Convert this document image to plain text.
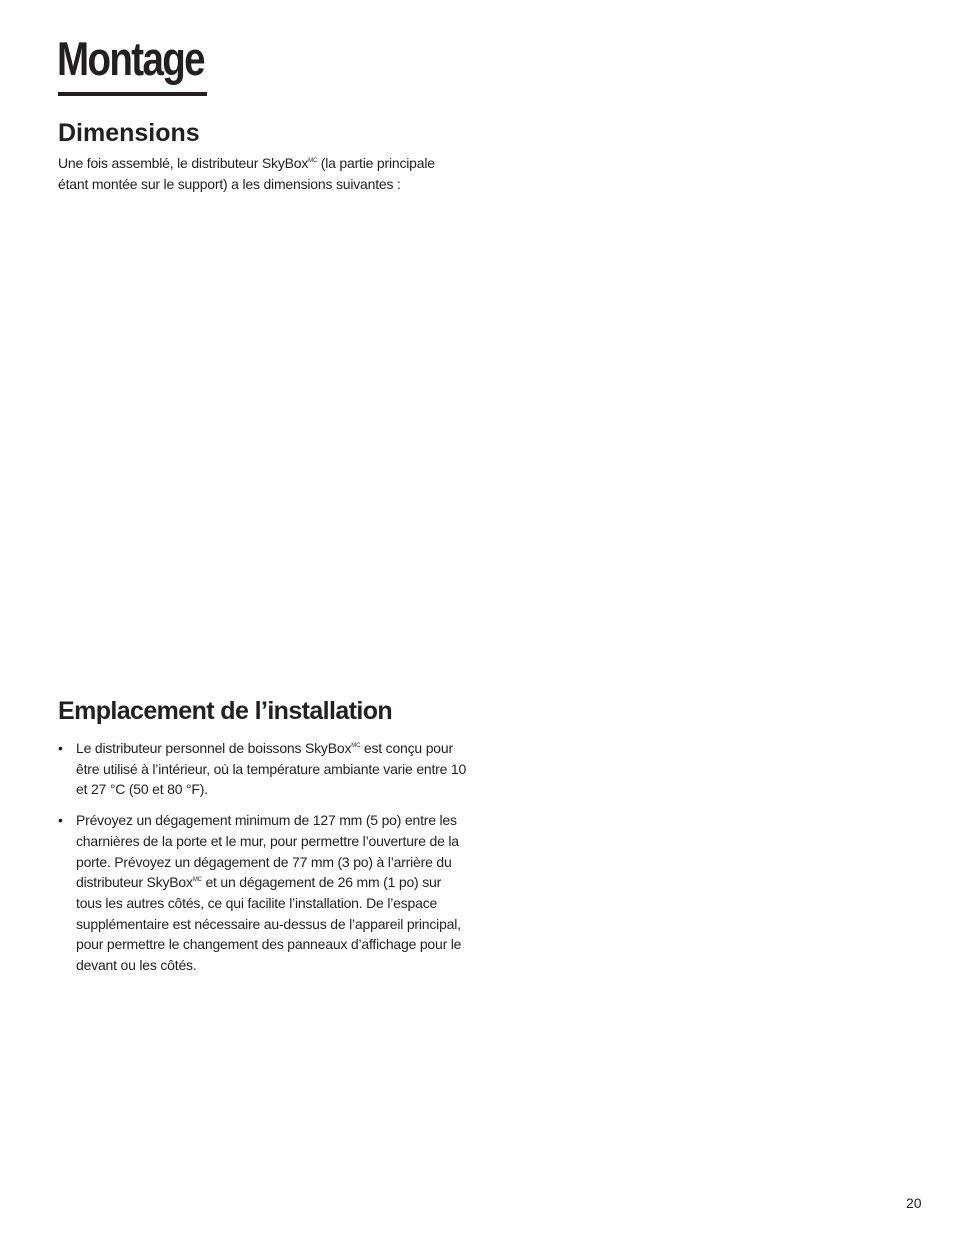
Montage
Dimensions

Une fois assemblé, le distributeur SkyBox$^{MC}$ (la partie principale étant montée sur le support) a les dimensions suivantes :

Emplacement de l’installation
• Le distributeur personnel de boissons SkyBox$^{MC}$ est conçu pour être utilisé à l’intérieur, où la température ambiante varie entre 10 et 27 °C (50 et 80 °F).
• Prévoyez un dégagement minimum de 127 mm (5 po) entre les charnières de la porte et le mur, pour permettre l’ouverture de la porte. Prévoyez un dégagement de 77 mm (3 po) à l’arrière du distributeur SkyBox$^{MC}$ et un dégagement de 26 mm (1 po) sur tous les autres côtés, ce qui facilite l’installation. De l’espace supplémentaire est nécessaire au-dessus de l’appareil principal, pour permettre le changement des panneaux d’affichage pour le devant ou les côtés.
20
